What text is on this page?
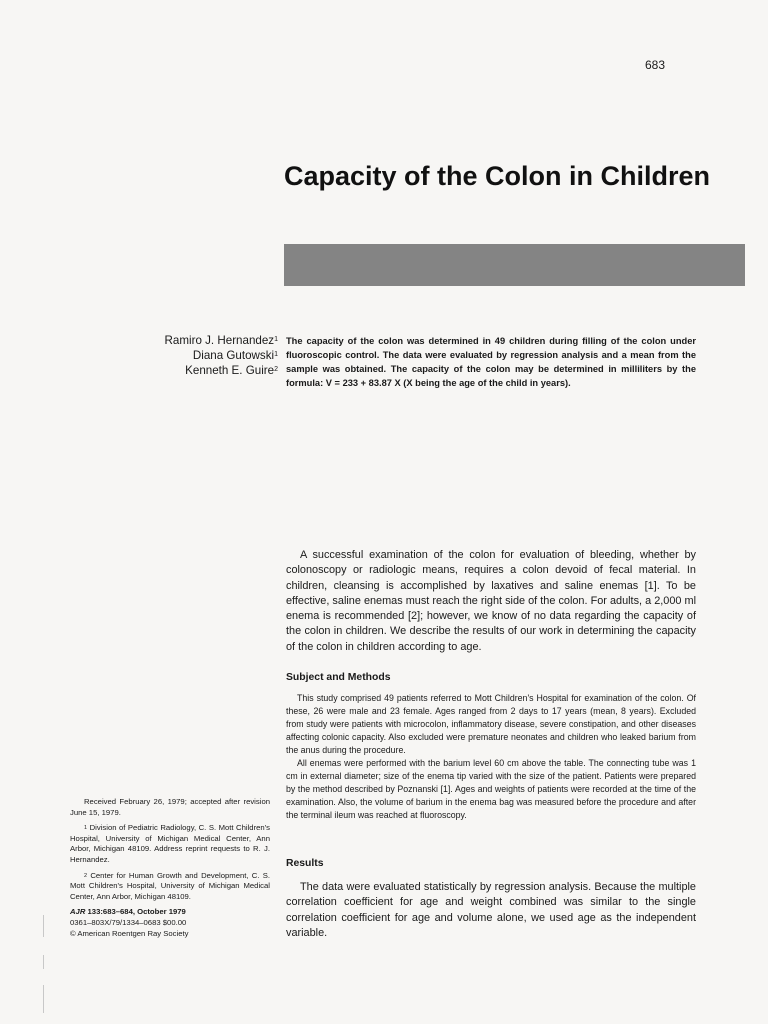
683
Capacity of the Colon in Children
Ramiro J. Hernandez$^1$
Diana Gutowski$^1$
Kenneth E. Guire$^2$
The capacity of the colon was determined in 49 children during filling of the colon under fluoroscopic control. The data were evaluated by regression analysis and a mean from the sample was obtained. The capacity of the colon may be determined in milliliters by the formula: V = 233 + 83.87 X (X being the age of the child in years).

A successful examination of the colon for evaluation of bleeding, whether by colonoscopy or radiologic means, requires a colon devoid of fecal material. In children, cleansing is accomplished by laxatives and saline enemas [1]. To be effective, saline enemas must reach the right side of the colon. For adults, a 2,000 ml enema is recommended [2]; however, we know of no data regarding the capacity of the colon in children. We describe the results of our work in determining the capacity of the colon in children according to age.

Subject and Methods

This study comprised 49 patients referred to Mott Children's Hospital for examination of the colon. Of these, 26 were male and 23 female. Ages ranged from 2 days to 17 years (mean, 8 years). Excluded from study were patients with microcolon, inflammatory disease, severe constipation, and other diseases affecting colonic capacity. Also excluded were premature neonates and children who leaked barium from the anus during the procedure.

All enemas were performed with the barium level 60 cm above the table. The connecting tube was 1 cm in external diameter; size of the enema tip varied with the size of the patient. Patients were prepared by the method described by Poznanski [1]. Ages and weights of patients were recorded at the time of the examination. Also, the volume of barium in the enema bag was measured before the procedure and after the terminal ileum was reached at fluoroscopy.

Results

The data were evaluated statistically by regression analysis. Because the multiple correlation coefficient for age and weight combined was similar to the single correlation coefficient for age and volume alone, we used age as the independent variable.

Received February 26, 1979; accepted after revision June 15, 1979.

$^1$ Division of Pediatric Radiology, C. S. Mott Children's Hospital, University of Michigan Medical Center, Ann Arbor, Michigan 48109. Address reprint requests to R. J. Hernandez.

$^2$ Center for Human Growth and Development, C. S. Mott Children's Hospital, University of Michigan Medical Center, Ann Arbor, Michigan 48109.

AJR 133:683–684, October 1979

0361–803X/79/1334–0683 $00.00

© American Roentgen Ray Society
